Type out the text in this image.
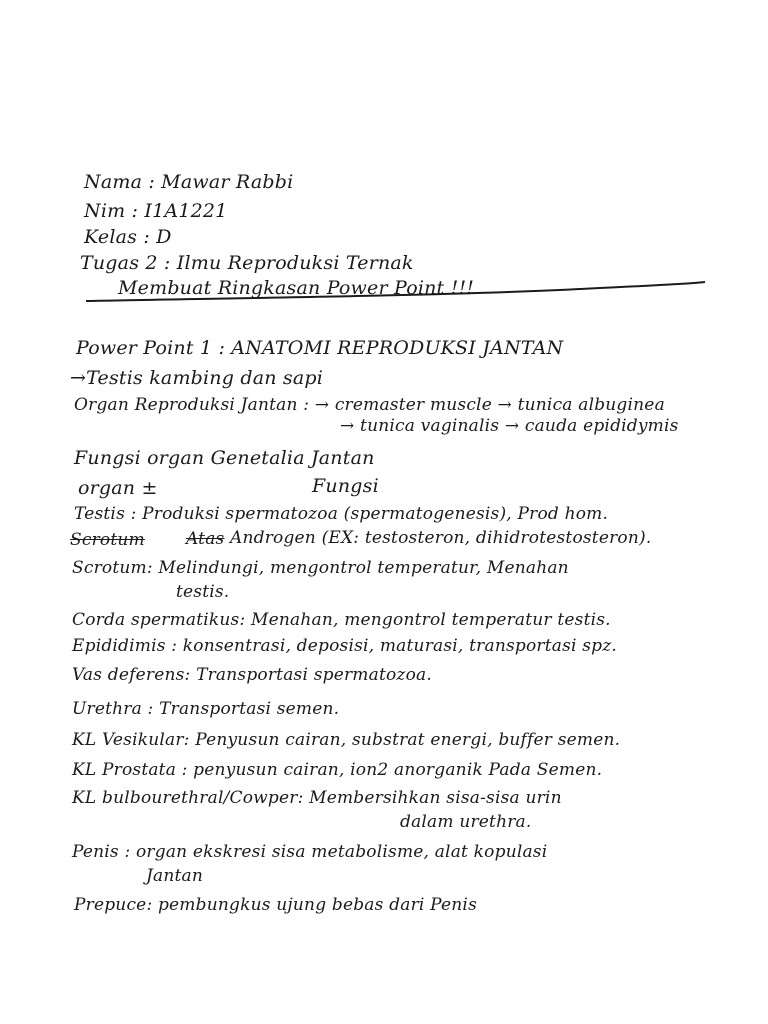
Nama : Mawar Rabbi
Nim : I1A1221
Kelas : D
Tugas 2 : Ilmu Reproduksi Ternak
Membuat Ringkasan Power Point !!!
Power Point 1 : ANATOMI REPRODUKSI JANTAN
→Testis kambing dan sapi
Organ Reproduksi Jantan : → cremaster muscle → tunica albuginea
→ tunica vaginalis → cauda epididymis
Fungsi organ Genetalia Jantan
organ ±	Fungsi
Testis : Produksi spermatozoa (spermatogenesis), Prod hom.
Scrotum Atas Androgen (EX: testosteron, dihidrotestosteron).
Scrotum: Melindungi, mengontrol temperatur, Menahan
testis.
Corda spermatikus: Menahan, mengontrol temperatur testis.
Epididimis : konsentrasi, deposisi, maturasi, transportasi spz.
Vas deferens: Transportasi spermatozoa.
Urethra : Transportasi semen.
KL Vesikular: Penyusun cairan, substrat energi, buffer semen.
KL Prostata : penyusun cairan, ion2 anorganik Pada Semen.
KL bulbourethral/Cowper: Membersihkan sisa-sisa urin
dalam urethra.
Penis : organ ekskresi sisa metabolisme, alat kopulasi
Jantan
Prepuce: pembungkus ujung bebas dari Penis
